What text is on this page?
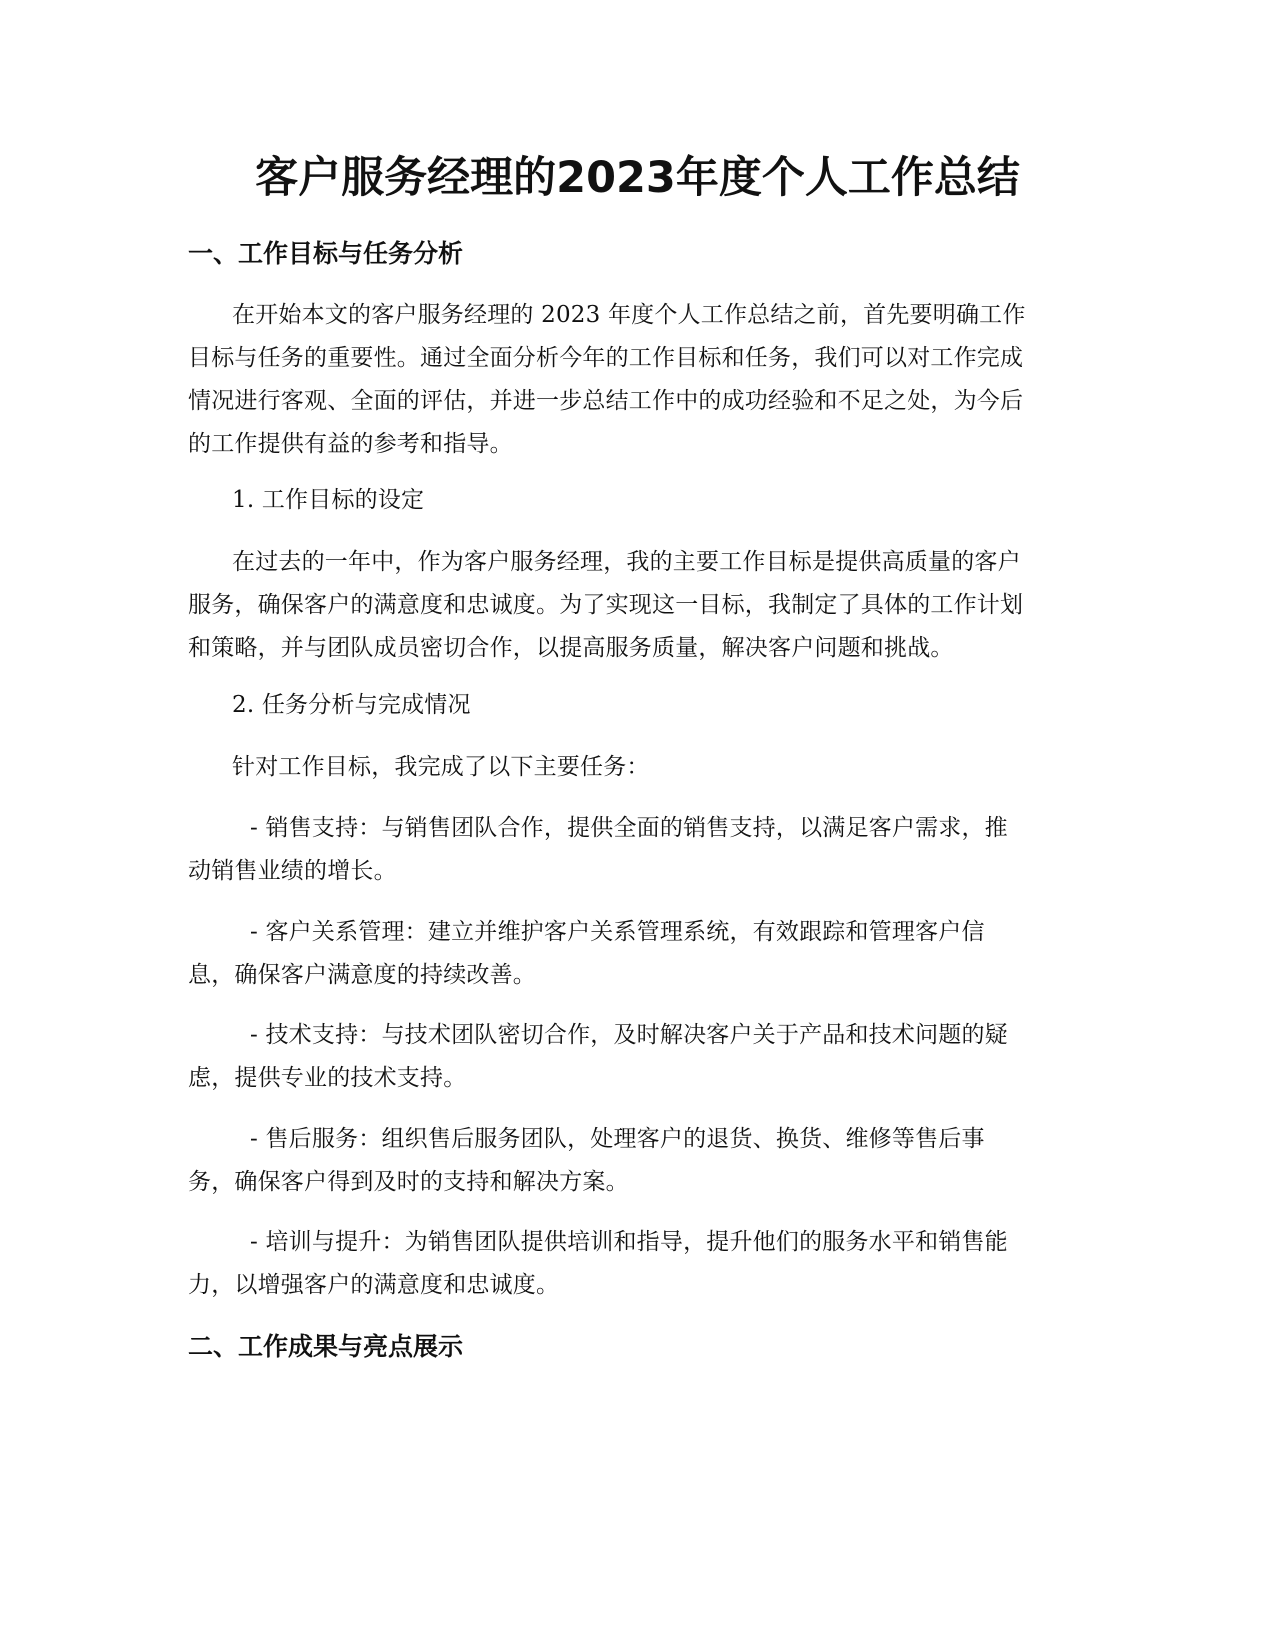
客户服务经理的2023年度个人工作总结
一、工作目标与任务分析

在开始本文的客户服务经理的 2023 年度个人工作总结之前，首先要明确工作
目标与任务的重要性。通过全面分析今年的工作目标和任务，我们可以对工作完成
情况进行客观、全面的评估，并进一步总结工作中的成功经验和不足之处，为今后
的工作提供有益的参考和指导。

1. 工作目标的设定

在过去的一年中，作为客户服务经理，我的主要工作目标是提供高质量的客户
服务，确保客户的满意度和忠诚度。为了实现这一目标，我制定了具体的工作计划
和策略，并与团队成员密切合作，以提高服务质量，解决客户问题和挑战。

2. 任务分析与完成情况

针对工作目标，我完成了以下主要任务：

- 销售支持：与销售团队合作，提供全面的销售支持，以满足客户需求，推
动销售业绩的增长。

- 客户关系管理：建立并维护客户关系管理系统，有效跟踪和管理客户信
息，确保客户满意度的持续改善。

- 技术支持：与技术团队密切合作，及时解决客户关于产品和技术问题的疑
虑，提供专业的技术支持。

- 售后服务：组织售后服务团队，处理客户的退货、换货、维修等售后事
务，确保客户得到及时的支持和解决方案。

- 培训与提升：为销售团队提供培训和指导，提升他们的服务水平和销售能
力，以增强客户的满意度和忠诚度。

二、工作成果与亮点展示
